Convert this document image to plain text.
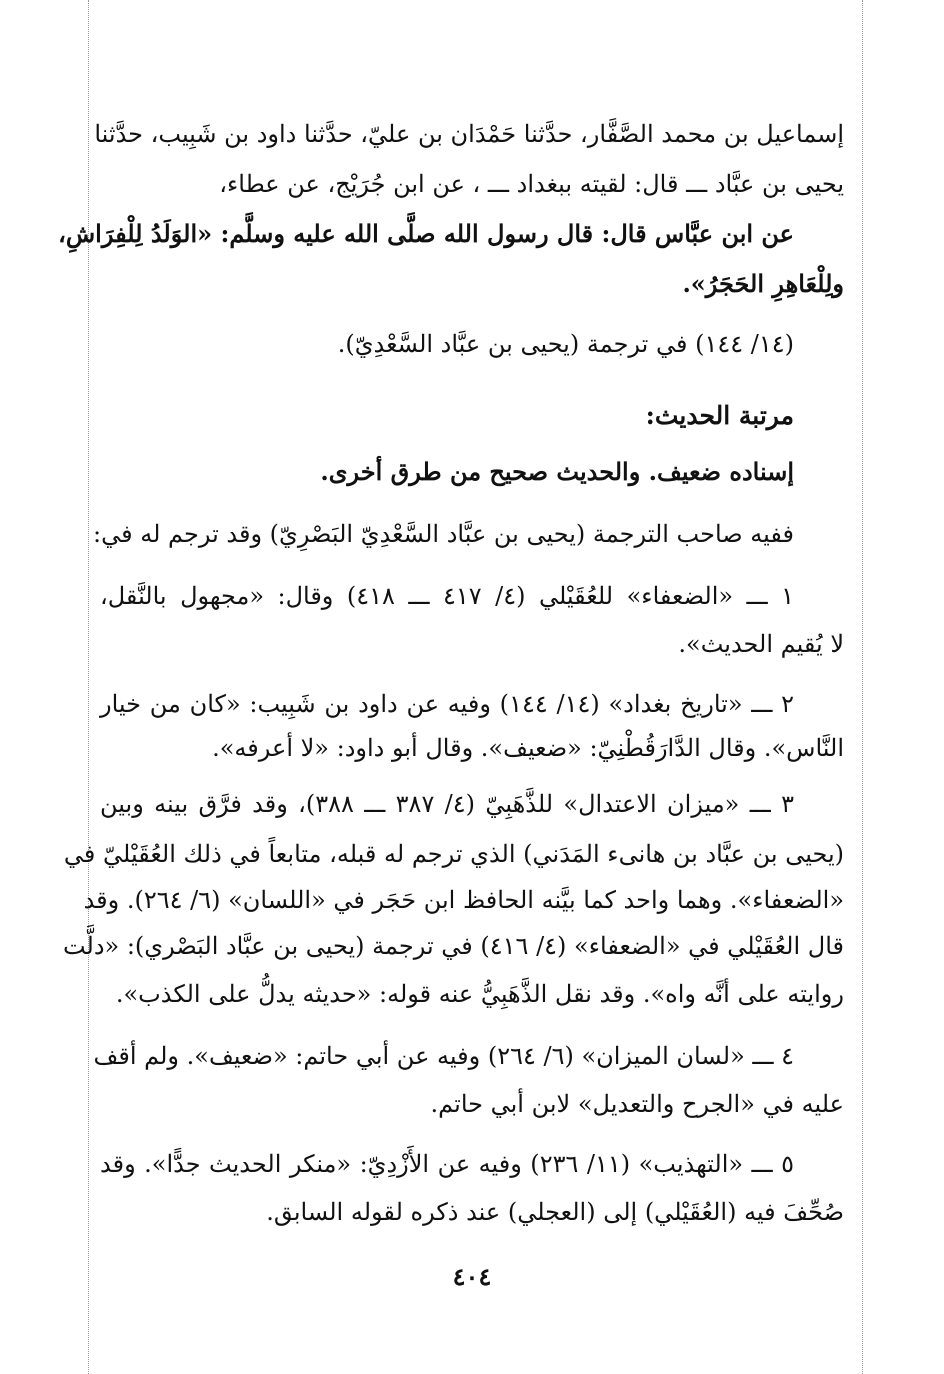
إسماعيل بن محمد الصَّفَّار، حدَّثنا حَمْدَان بن عليّ، حدَّثنا داود بن شَبِيب، حدَّثنا
يحيى بن عبَّاد ـــ قال: لقيته ببغداد ـــ ، عن ابن جُرَيْج، عن عطاء،
عن ابن عبَّاس قال: قال رسول الله صلَّى الله عليه وسلَّم: «الوَلَدُ لِلْفِرَاشِ،
ولِلْعَاهِرِ الحَجَرُ».
(١٤/ ١٤٤) في ترجمة (يحيى بن عبَّاد السَّعْدِيّ).
مرتبة الحديث:
إسناده ضعيف. والحديث صحيح من طرق أخرى.
ففيه صاحب الترجمة (يحيى بن عبَّاد السَّعْدِيّ البَصْرِيّ) وقد ترجم له في:
١ ـــ «الضعفاء» للعُقَيْلي (٤/ ٤١٧ ـــ ٤١٨) وقال: «مجهول بالنَّقل،
لا يُقيم الحديث».
٢ ـــ «تاريخ بغداد» (١٤/ ١٤٤) وفيه عن داود بن شَبِيب: «كان من خيار
النَّاس». وقال الدَّارَقُطْنِيّ: «ضعيف». وقال أبو داود: «لا أعرفه».
٣ ـــ «ميزان الاعتدال» للذَّهَبِيّ (٤/ ٣٨٧ ـــ ٣٨٨)، وقد فرَّق بينه وبين
(يحيى بن عبَّاد بن هانىء المَدَني) الذي ترجم له قبله، متابعاً في ذلك العُقَيْليّ في
«الضعفاء». وهما واحد كما بيَّنه الحافظ ابن حَجَر في «اللسان» (٦/ ٢٦٤). وقد
قال العُقَيْلي في «الضعفاء» (٤/ ٤١٦) في ترجمة (يحيى بن عبَّاد البَصْري): «دلَّت
روايته على أنَّه واه». وقد نقل الذَّهَبِيُّ عنه قوله: «حديثه يدلُّ على الكذب».
٤ ـــ «لسان الميزان» (٦/ ٢٦٤) وفيه عن أبي حاتم: «ضعيف». ولم أقف
عليه في «الجرح والتعديل» لابن أبي حاتم.
٥ ـــ «التهذيب» (١١/ ٢٣٦) وفيه عن الأَزْدِيّ: «منكر الحديث جدًّا». وقد
صُحِّفَ فيه (العُقَيْلي) إلى (العجلي) عند ذكره لقوله السابق.
٤٠٤
